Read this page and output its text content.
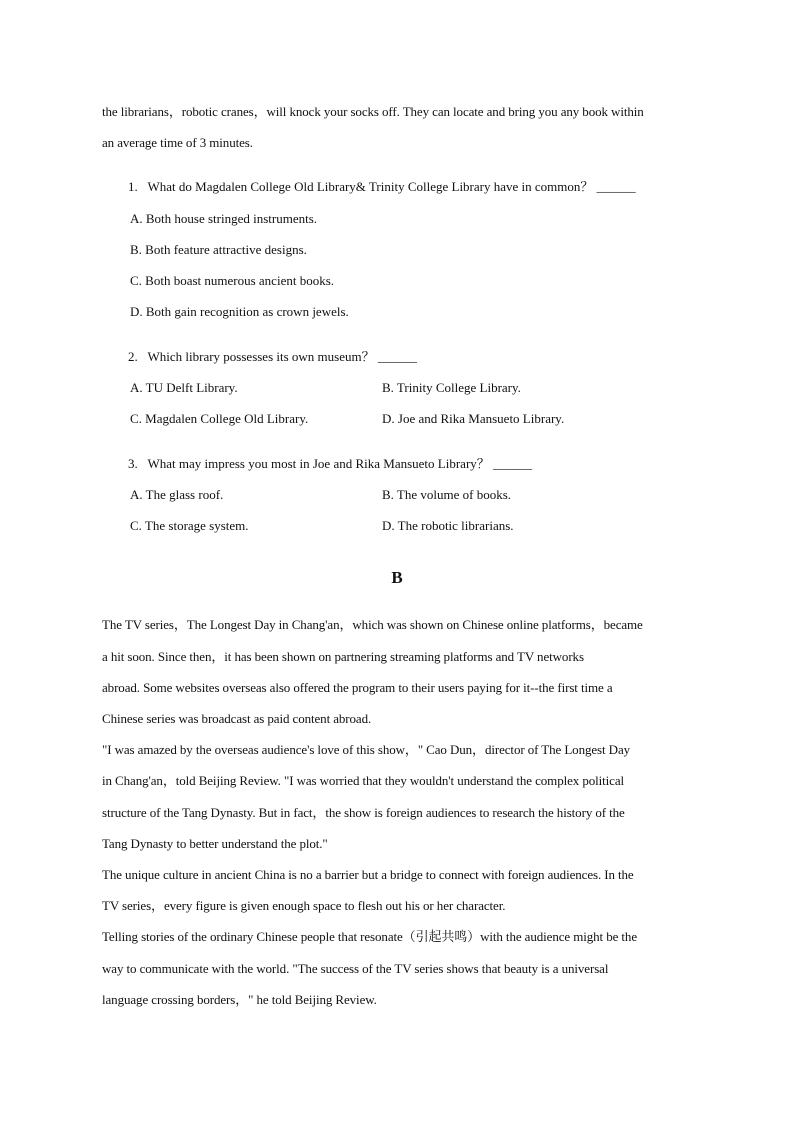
the librarians，robotic cranes，will knock your socks off. They can locate and bring you any book within
an average time of 3 minutes.
1.   What do Magdalen College Old Library& Trinity College Library have in common？ ______
A. Both house stringed instruments.
B. Both feature attractive designs.
C. Both boast numerous ancient books.
D. Both gain recognition as crown jewels.
2.   Which library possesses its own museum？ ______
A. TU Delft Library.	B. Trinity College Library.
C. Magdalen College Old Library.	D. Joe and Rika Mansueto Library.
3.   What may impress you most in Joe and Rika Mansueto Library？ ______
A. The glass roof.	B. The volume of books.
C. The storage system.	D. The robotic librarians.
B
The TV series，The Longest Day in Chang'an，which was shown on Chinese online platforms，became
a hit soon. Since then，it has been shown on partnering streaming platforms and TV networks
abroad. Some websites overseas also offered the program to their users paying for it--the first time a
Chinese series was broadcast as paid content abroad.
"I was amazed by the overseas audience's love of this show，" Cao Dun，director of The Longest Day
in Chang'an，told Beijing Review. "I was worried that they wouldn't understand the complex political
structure of the Tang Dynasty. But in fact，the show is foreign audiences to research the history of the
Tang Dynasty to better understand the plot."
The unique culture in ancient China is no a barrier but a bridge to connect with foreign audiences. In the
TV series，every figure is given enough space to flesh out his or her character.
Telling stories of the ordinary Chinese people that resonate（引起共鸣）with the audience might be the
way to communicate with the world. "The success of the TV series shows that beauty is a universal
language crossing borders，" he told Beijing Review.
